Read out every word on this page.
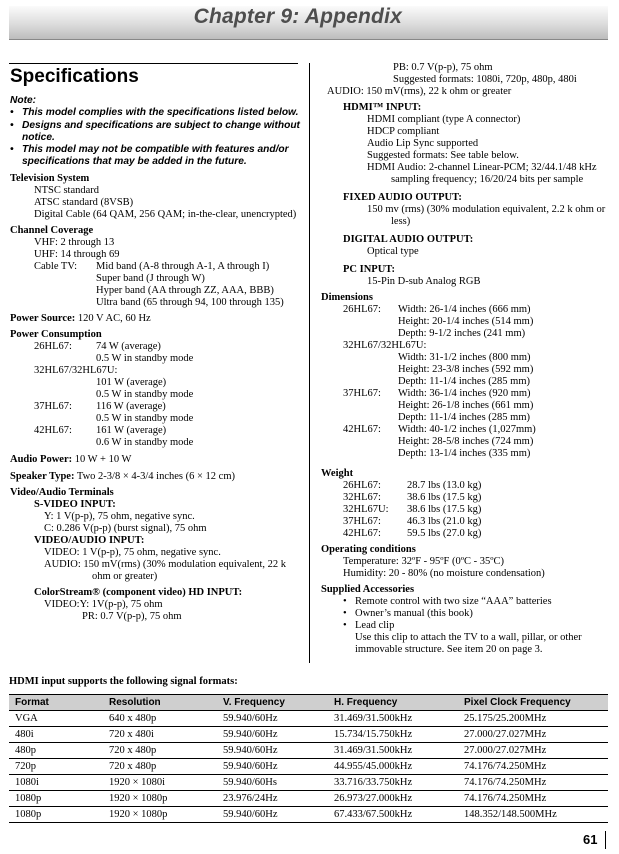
Chapter 9: Appendix
Specifications
Note:
• This model complies with the specifications listed below.
• Designs and specifications are subject to change without notice.
• This model may not be compatible with features and/or specifications that may be added in the future.
Television System
NTSC standard
ATSC standard (8VSB)
Digital Cable (64 QAM, 256 QAM; in-the-clear, unencrypted)
Channel Coverage
VHF: 2 through 13
UHF: 14 through 69
Cable TV:	Mid band (A-8 through A-1, A through I)
Super band (J through W)
Hyper band (AA through ZZ, AAA, BBB)
Ultra band (65 through 94, 100 through 135)
Power Source: 120 V AC, 60 Hz
Power Consumption
26HL67:	74 W (average)
0.5 W in standby mode
32HL67/32HL67U:
101 W (average)
0.5 W in standby mode
37HL67:	116 W (average)
0.5 W in standby mode
42HL67:	161 W (average)
0.6 W in standby mode
Audio Power: 10 W + 10 W
Speaker Type: Two 2-3/8 × 4-3/4 inches (6 × 12 cm)
Video/Audio Terminals
S-VIDEO INPUT:
Y: 1 V(p-p), 75 ohm, negative sync.
C: 0.286 V(p-p) (burst signal), 75 ohm
VIDEO/AUDIO INPUT:
VIDEO: 1 V(p-p), 75 ohm, negative sync.
AUDIO: 150 mV(rms) (30% modulation equivalent, 22 k ohm or greater)
ColorStream® (component video) HD INPUT:
VIDEO:Y: 1V(p-p), 75 ohm
PR: 0.7 V(p-p), 75 ohm
PB: 0.7 V(p-p), 75 ohm
Suggested formats: 1080i, 720p, 480p, 480i
AUDIO: 150 mV(rms), 22 k ohm or greater
HDMI™ INPUT:
HDMI compliant (type A connector)
HDCP compliant
Audio Lip Sync supported
Suggested formats: See table below.
HDMI Audio: 2-channel Linear-PCM; 32/44.1/48 kHz sampling frequency; 16/20/24 bits per sample
FIXED AUDIO OUTPUT:
150 mv (rms) (30% modulation equivalent, 2.2 k ohm or less)
DIGITAL AUDIO OUTPUT:
Optical type
PC INPUT:
15-Pin D-sub Analog RGB
Dimensions
26HL67:	Width: 26-1/4 inches (666 mm)
Height: 20-1/4 inches (514 mm)
Depth: 9-1/2 inches (241 mm)
32HL67/32HL67U:
Width: 31-1/2 inches (800 mm)
Height: 23-3/8 inches (592 mm)
Depth: 11-1/4 inches (285 mm)
37HL67:	Width: 36-1/4 inches (920 mm)
Height: 26-1/8 inches (661 mm)
Depth: 11-1/4 inches (285 mm)
42HL67:	Width: 40-1/2 inches (1,027mm)
Height: 28-5/8 inches (724 mm)
Depth: 13-1/4 inches (335 mm)
Weight
26HL67:	28.7 lbs (13.0 kg)
32HL67:	38.6 lbs (17.5 kg)
32HL67U:	38.6 lbs (17.5 kg)
37HL67:	46.3 lbs (21.0 kg)
42HL67:	59.5 lbs (27.0 kg)
Operating conditions
Temperature: 32ºF - 95ºF (0ºC - 35ºC)
Humidity: 20 - 80% (no moisture condensation)
Supplied Accessories
• Remote control with two size “AAA” batteries
• Owner’s manual (this book)
• Lead clip
Use this clip to attach the TV to a wall, pillar, or other immovable structure. See item 20 on page 3.
HDMI input supports the following signal formats:
Format	Resolution	V. Frequency	H. Frequency	Pixel Clock Frequency
VGA	640 x 480p	59.940/60Hz	31.469/31.500kHz	25.175/25.200MHz
480i	720 x 480i	59.940/60Hz	15.734/15.750kHz	27.000/27.027MHz
480p	720 x 480p	59.940/60Hz	31.469/31.500kHz	27.000/27.027MHz
720p	720 x 480p	59.940/60Hz	44.955/45.000kHz	74.176/74.250MHz
1080i	1920 × 1080i	59.940/60Hs	33.716/33.750kHz	74.176/74.250MHz
1080p	1920 × 1080p	23.976/24Hz	26.973/27.000kHz	74.176/74.250MHz
1080p	1920 × 1080p	59.940/60Hz	67.433/67.500kHz	148.352/148.500MHz
61
